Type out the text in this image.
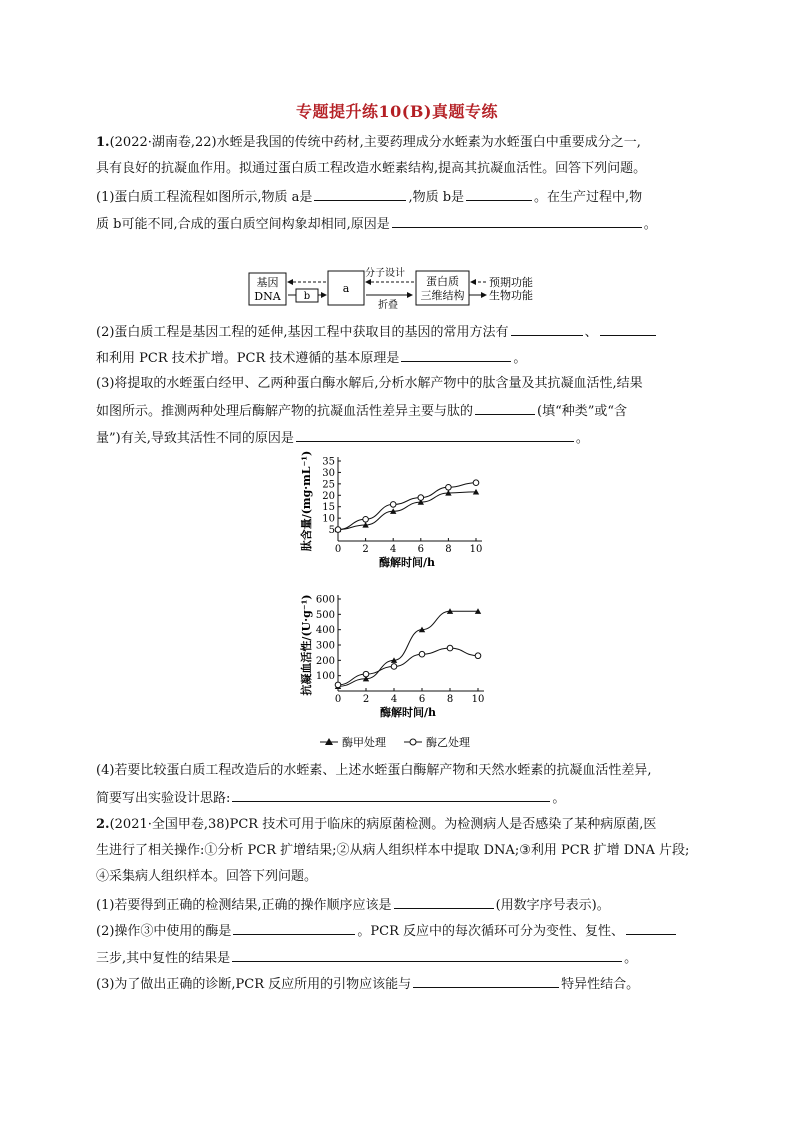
专题提升练10(B)真题专练
1.(2022·湖南卷,22)水蛭是我国的传统中药材,主要药理成分水蛭素为水蛭蛋白中重要成分之一,
具有良好的抗凝血作用。拟通过蛋白质工程改造水蛭素结构,提高其抗凝血活性。回答下列问题。
(1)蛋白质工程流程如图所示,物质 a是	,物质 b是	。在生产过程中,物
质 b可能不同,合成的蛋白质空间构象却相同,原因是	。
基因
DNA b
a
分子设计
折叠
蛋白质
三维结构
预期功能
生物功能
(2)蛋白质工程是基因工程的延伸,基因工程中获取目的基因的常用方法有	、
和利用 PCR 技术扩增。PCR 技术遵循的基本原理是	。
(3)将提取的水蛭蛋白经甲、乙两种蛋白酶水解后,分析水解产物中的肽含量及其抗凝血活性,结果
如图所示。推测两种处理后酶解产物的抗凝血活性差异主要与肽的	(填“种类”或“含
量”)有关,导致其活性不同的原因是	。
0 2 4 6 8 10
5
10
15
20
25
30
35
酶解时间/h
肽含量/(mg·mL⁻¹)
0 2 4 6 8 10
100
200
300
400
500
600
酶解时间/h
抗凝血活性/(U·g⁻¹)
酶甲处理	酶乙处理
(4)若要比较蛋白质工程改造后的水蛭素、上述水蛭蛋白酶解产物和天然水蛭素的抗凝血活性差异,
简要写出实验设计思路:	。
2.(2021·全国甲卷,38)PCR 技术可用于临床的病原菌检测。为检测病人是否感染了某种病原菌,医
生进行了相关操作:①分析 PCR 扩增结果;②从病人组织样本中提取 DNA;③利用 PCR 扩增 DNA 片段;
④采集病人组织样本。回答下列问题。
(1)若要得到正确的检测结果,正确的操作顺序应该是	(用数字序号表示)。
(2)操作③中使用的酶是	。PCR 反应中的每次循环可分为变性、复性、
三步,其中复性的结果是	。
(3)为了做出正确的诊断,PCR 反应所用的引物应该能与	特异性结合。
